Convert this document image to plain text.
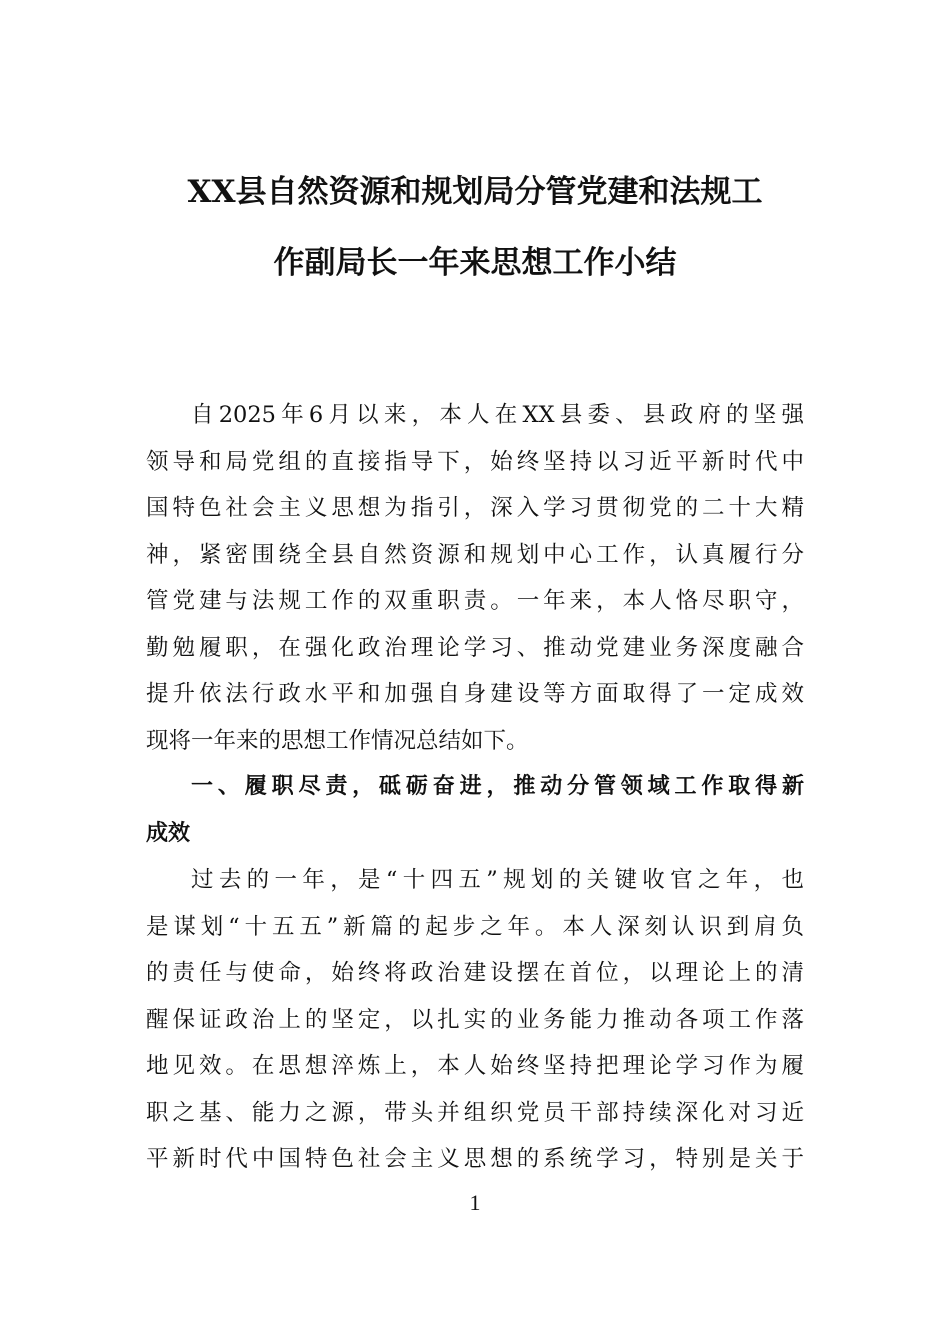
XX县自然资源和规划局分管党建和法规工
作副局长一年来思想工作小结
自2025年6月以来，本人在XX县委、县政府的坚强
领导和局党组的直接指导下，始终坚持以习近平新时代中
国特色社会主义思想为指引，深入学习贯彻党的二十大精
神，紧密围绕全县自然资源和规划中心工作，认真履行分
管党建与法规工作的双重职责。一年来，本人恪尽职守，
勤勉履职，在强化政治理论学习、推动党建业务深度融合
提升依法行政水平和加强自身建设等方面取得了一定成效
现将一年来的思想工作情况总结如下。
一、履职尽责，砥砺奋进，推动分管领域工作取得新
成效
过去的一年，是“十四五”规划的关键收官之年，也
是谋划“十五五”新篇的起步之年。本人深刻认识到肩负
的责任与使命，始终将政治建设摆在首位，以理论上的清
醒保证政治上的坚定，以扎实的业务能力推动各项工作落
地见效。在思想淬炼上，本人始终坚持把理论学习作为履
职之基、能力之源，带头并组织党员干部持续深化对习近
平新时代中国特色社会主义思想的系统学习，特别是关于
1
